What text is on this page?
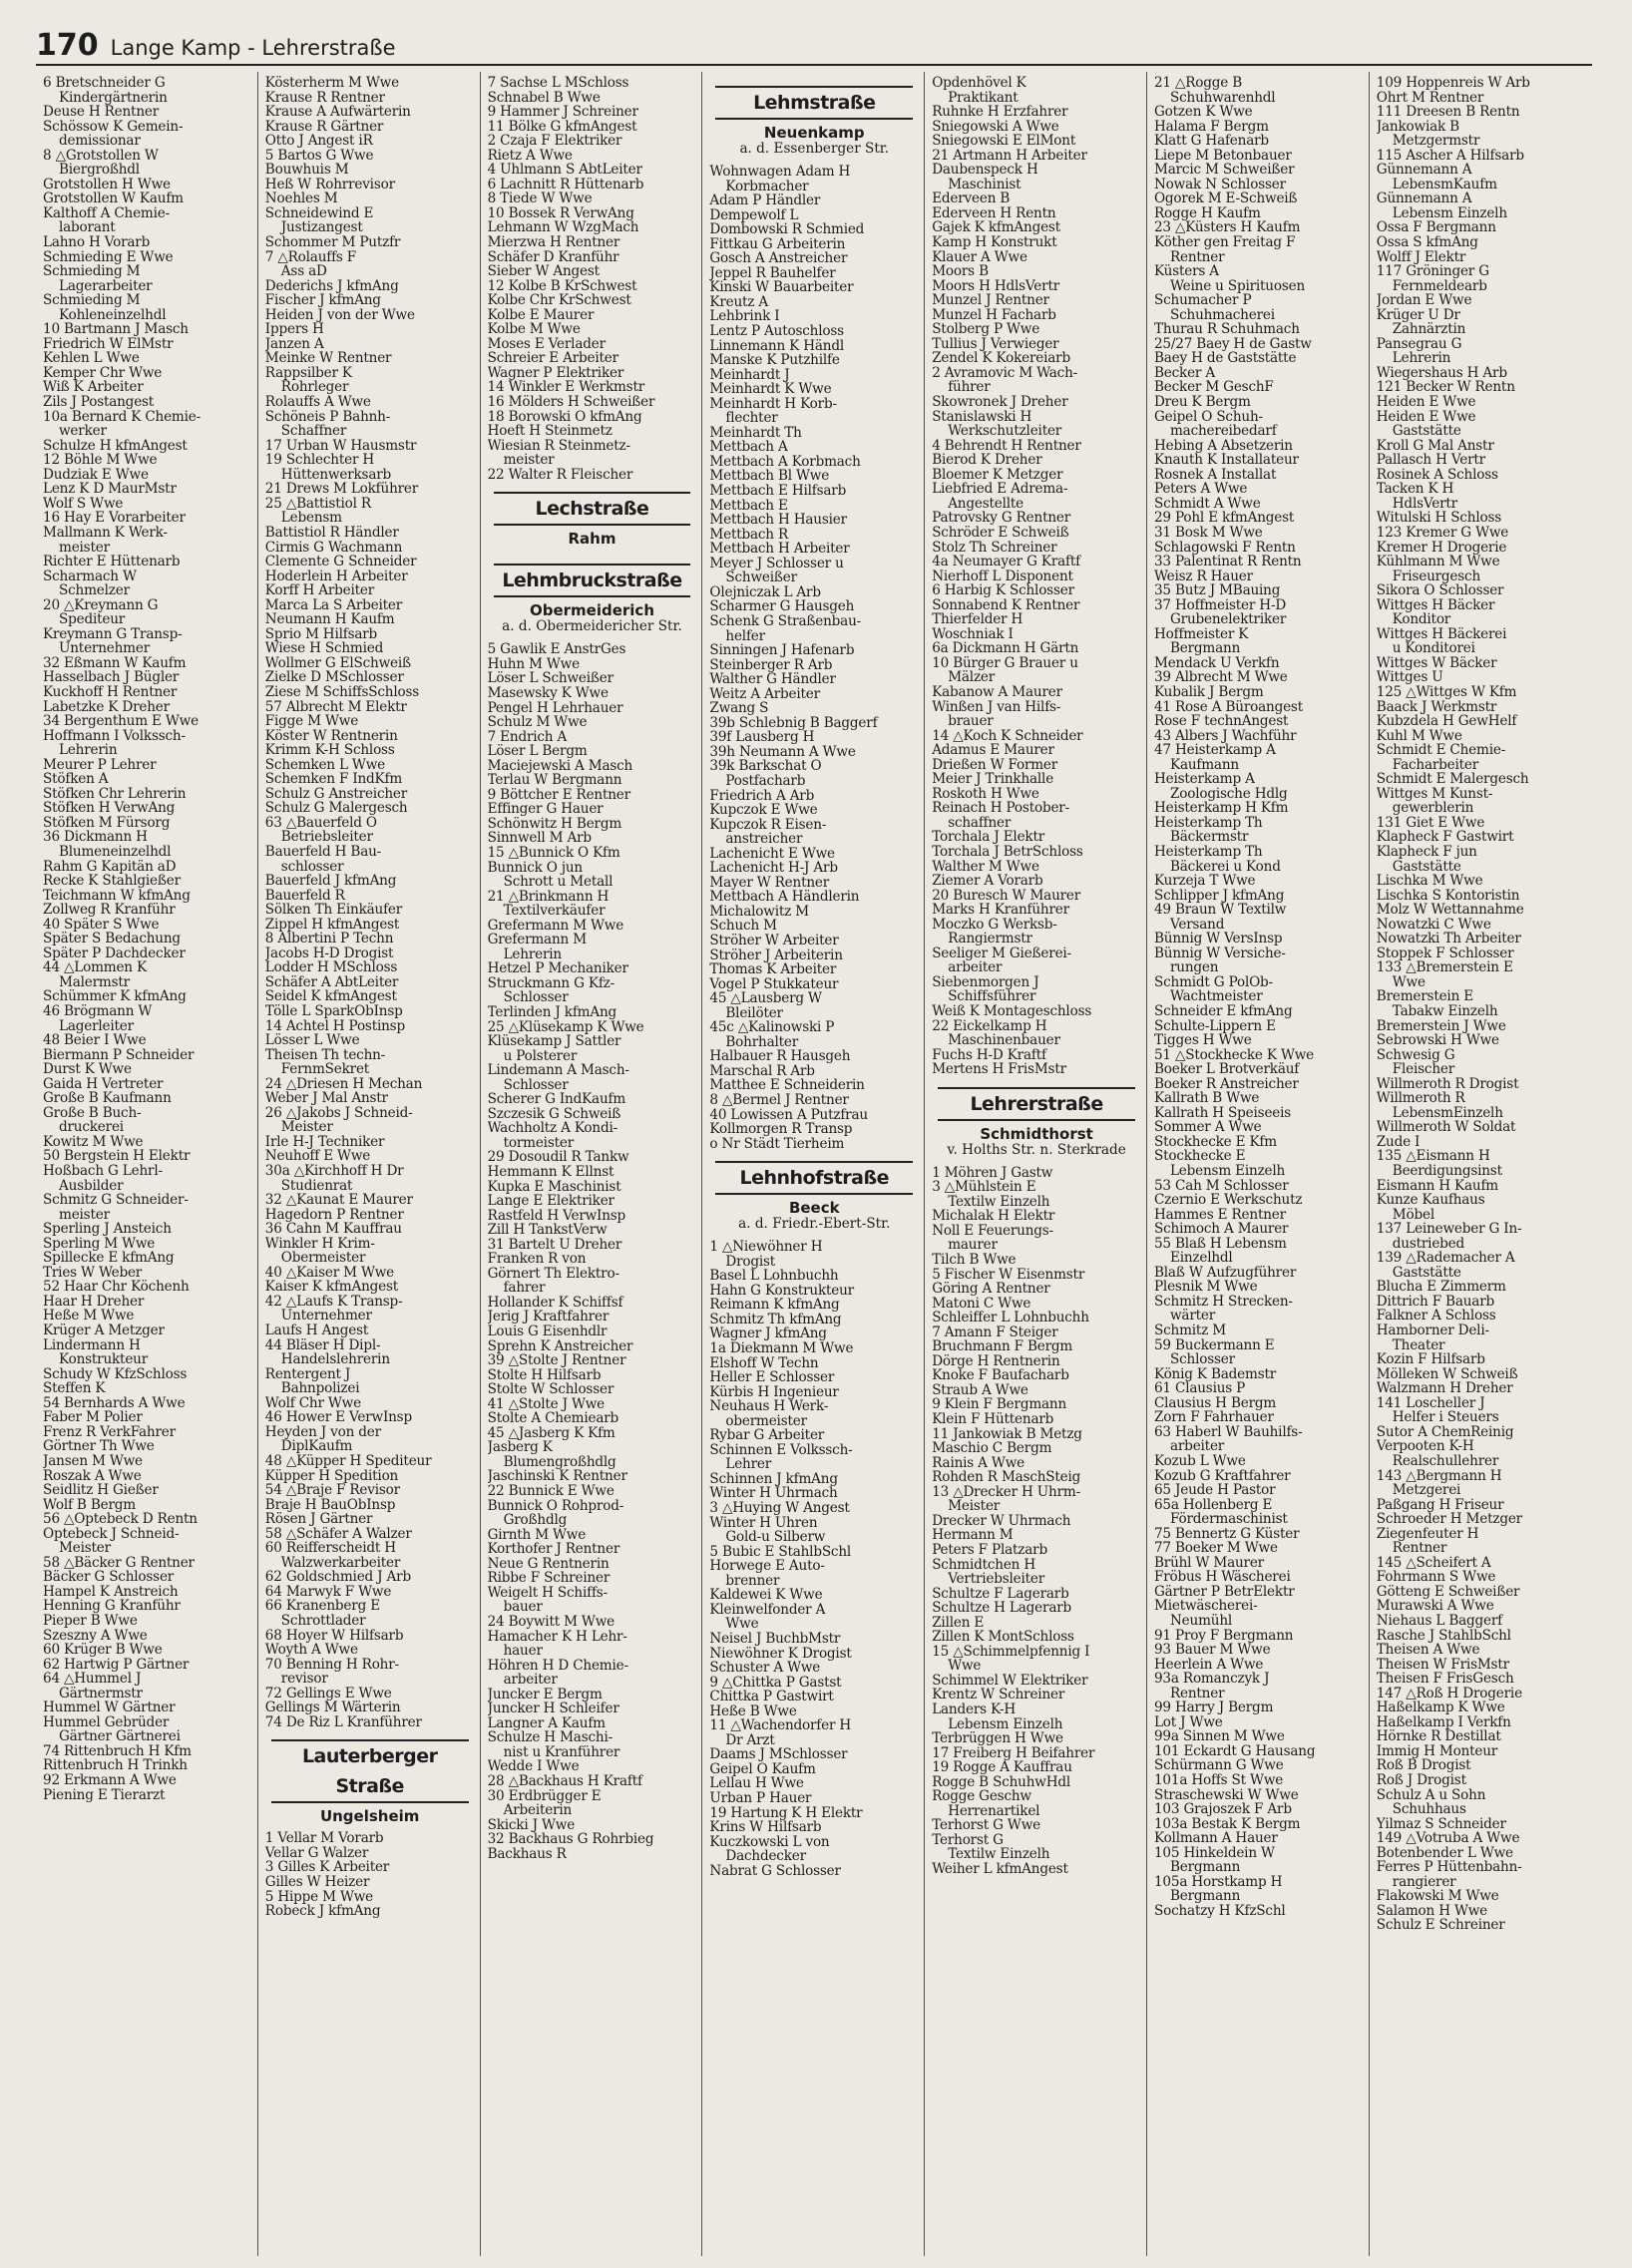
170 Lange Kamp - Lehrerstraße
6 Bretschneider G
Kindergärtnerin
Deuse H Rentner
Schössow K Gemein-
demissionar
8 △Grotstollen W
Biergroßhdl
Grotstollen H Wwe
Grotstollen W Kaufm
Kalthoff A Chemie-
laborant
Lahno H Vorarb
Schmieding E Wwe
Schmieding M
Lagerarbeiter
Schmieding M
Kohleneinzelhdl
10 Bartmann J Masch
Friedrich W ElMstr
Kehlen L Wwe
Kemper Chr Wwe
Wiß K Arbeiter
Zils J Postangest
10a Bernard K Chemie-
werker
Schulze H kfmAngest
12 Böhle M Wwe
Dudziak E Wwe
Lenz K D MaurMstr
Wolf S Wwe
16 Hay E Vorarbeiter
Mallmann K Werk-
meister
Richter E Hüttenarb
Scharmach W
Schmelzer
20 △Kreymann G
Spediteur
Kreymann G Transp-
Unternehmer
32 Eßmann W Kaufm
Hasselbach J Bügler
Kuckhoff H Rentner
Labetzke K Dreher
34 Bergenthum E Wwe
Hoffmann I Volkssch-
Lehrerin
Meurer P Lehrer
Stöfken A
Stöfken Chr Lehrerin
Stöfken H VerwAng
Stöfken M Fürsorg
36 Dickmann H
Blumeneinzelhdl
Rahm G Kapitän aD
Recke K Stahlgießer
Teichmann W kfmAng
Zollweg R Kranführ
40 Später S Wwe
Später S Bedachung
Später P Dachdecker
44 △Lommen K
Malermstr
Schümmer K kfmAng
46 Brögmann W
Lagerleiter
48 Beier I Wwe
Biermann P Schneider
Durst K Wwe
Gaida H Vertreter
Große B Kaufmann
Große B Buch-
druckerei
Kowitz M Wwe
50 Bergstein H Elektr
Hoßbach G Lehrl-
Ausbilder
Schmitz G Schneider-
meister
Sperling J Ansteich
Sperling M Wwe
Spillecke E kfmAng
Tries W Weber
52 Haar Chr Köchenh
Haar H Dreher
Heße M Wwe
Krüger A Metzger
Lindermann H
Konstrukteur
Schudy W KfzSchloss
Steffen K
54 Bernhards A Wwe
Faber M Polier
Frenz R VerkFahrer
Görtner Th Wwe
Jansen M Wwe
Roszak A Wwe
Seidlitz H Gießer
Wolf B Bergm
56 △Optebeck D Rentn
Optebeck J Schneid-
Meister
58 △Bäcker G Rentner
Bäcker G Schlosser
Hampel K Anstreich
Henning G Kranführ
Pieper B Wwe
Szeszny A Wwe
60 Krüger B Wwe
62 Hartwig P Gärtner
64 △Hummel J
Gärtnermstr
Hummel W Gärtner
Hummel Gebrüder
Gärtner Gärtnerei
74 Rittenbruch H Kfm
Rittenbruch H Trinkh
92 Erkmann A Wwe
Piening E Tierarzt
Kösterherm M Wwe
Krause R Rentner
Krause A Aufwärterin
Krause R Gärtner
Otto J Angest iR
5 Bartos G Wwe
Bouwhuis M
Heß W Rohrrevisor
Noehles M
Schneidewind E
Justizangest
Schommer M Putzfr
7 △Rolauffs F
Ass aD
Dederichs J kfmAng
Fischer J kfmAng
Heiden J von der Wwe
Ippers H
Janzen A
Meinke W Rentner
Rappsilber K
Rohrleger
Rolauffs A Wwe
Schöneis P Bahnh-
Schaffner
17 Urban W Hausmstr
19 Schlechter H
Hüttenwerksarb
21 Drews M Lokführer
25 △Battistiol R
Lebensm
Battistiol R Händler
Cirmis G Wachmann
Clemente G Schneider
Hoderlein H Arbeiter
Korff H Arbeiter
Marca La S Arbeiter
Neumann H Kaufm
Sprio M Hilfsarb
Wiese H Schmied
Wollmer G ElSchweiß
Zielke D MSchlosser
Ziese M SchiffsSchloss
57 Albrecht M Elektr
Figge M Wwe
Köster W Rentnerin
Krimm K-H Schloss
Schemken L Wwe
Schemken F IndKfm
Schulz G Anstreicher
Schulz G Malergesch
63 △Bauerfeld O
Betriebsleiter
Bauerfeld H Bau-
schlosser
Bauerfeld J kfmAng
Bauerfeld R
Sölken Th Einkäufer
Zippel H kfmAngest
8 Albertini P Techn
Jacobs H-D Drogist
Lodder H MSchloss
Schäfer A AbtLeiter
Seidel K kfmAngest
Tölle L SparkObInsp
14 Achtel H Postinsp
Lösser L Wwe
Theisen Th techn-
FernmSekret
24 △Driesen H Mechan
Weber J Mal Anstr
26 △Jakobs J Schneid-
Meister
Irle H-J Techniker
Neuhoff E Wwe
30a △Kirchhoff H Dr
Studienrat
32 △Kaunat E Maurer
Hagedorn P Rentner
36 Cahn M Kauffrau
Winkler H Krim-
Obermeister
40 △Kaiser M Wwe
Kaiser K kfmAngest
42 △Laufs K Transp-
Unternehmer
Laufs H Angest
44 Bläser H Dipl-
Handelslehrerin
Rentergent J
Bahnpolizei
Wolf Chr Wwe
46 Hower E VerwInsp
Heyden J von der
DiplKaufm
48 △Küpper H Spediteur
Küpper H Spedition
54 △Braje F Revisor
Braje H BauObInsp
Rösen J Gärtner
58 △Schäfer A Walzer
60 Reifferscheidt H
Walzwerkarbeiter
62 Goldschmied J Arb
64 Marwyk F Wwe
66 Kranenberg E
Schrottlader
68 Hoyer W Hilfsarb
Woyth A Wwe
70 Benning H Rohr-
revisor
72 Gellings E Wwe
Gellings M Wärterin
74 De Riz L Kranführer
Lauterberger Straße
Ungelsheim
1 Vellar M Vorarb
Vellar G Walzer
3 Gilles K Arbeiter
Gilles W Heizer
5 Hippe M Wwe
Robeck J kfmAng
7 Sachse L MSchloss
Schnabel B Wwe
9 Hammer J Schreiner
11 Bölke G kfmAngest
2 Czaja F Elektriker
Rietz A Wwe
4 Uhlmann S AbtLeiter
6 Lachnitt R Hüttenarb
8 Tiede W Wwe
10 Bossek R VerwAng
Lehmann W WzgMach
Mierzwa H Rentner
Schäfer D Kranführ
Sieber W Angest
12 Kolbe B KrSchwest
Kolbe Chr KrSchwest
Kolbe E Maurer
Kolbe M Wwe
Moses E Verlader
Schreier E Arbeiter
Wagner P Elektriker
14 Winkler E Werkmstr
16 Mölders H Schweißer
18 Borowski O kfmAng
Hoeft H Steinmetz
Wiesian R Steinmetz-
meister
22 Walter R Fleischer
Lechstraße
Rahm
Lehmbruckstraße
Obermeiderich
a. d. Obermeidericher Str.
5 Gawlik E AnstrGes
Huhn M Wwe
Löser L Schweißer
Masewsky K Wwe
Pengel H Lehrhauer
Schulz M Wwe
7 Endrich A
Löser L Bergm
Maciejewski A Masch
Terlau W Bergmann
9 Böttcher E Rentner
Effinger G Hauer
Schönwitz H Bergm
Sinnwell M Arb
15 △Bunnick O Kfm
Bunnick O jun
Schrott u Metall
21 △Brinkmann H
Textilverkäufer
Grefermann M Wwe
Grefermann M
Lehrerin
Hetzel P Mechaniker
Struckmann G Kfz-
Schlosser
Terlinden J kfmAng
25 △Klüsekamp K Wwe
Klüsekamp J Sattler
u Polsterer
Lindemann A Masch-
Schlosser
Scherer G IndKaufm
Szczesik G Schweiß
Wachholtz A Kondi-
tormeister
29 Dosoudil R Tankw
Hemmann K Ellnst
Kupka E Maschinist
Lange E Elektriker
Rastfeld H VerwInsp
Zill H TankstVerw
31 Bartelt U Dreher
Franken R von
Görnert Th Elektro-
fahrer
Hollander K Schiffsf
Jerig J Kraftfahrer
Louis G Eisenhdlr
Sprehn K Anstreicher
39 △Stolte J Rentner
Stolte H Hilfsarb
Stolte W Schlosser
41 △Stolte J Wwe
Stolte A Chemiearb
45 △Jasberg K Kfm
Jasberg K
Blumengroßhdlg
Jaschinski K Rentner
22 Bunnick E Wwe
Bunnick O Rohprod-
Großhdlg
Girnth M Wwe
Korthofer J Rentner
Neue G Rentnerin
Ribbe F Schreiner
Weigelt H Schiffs-
bauer
24 Boywitt M Wwe
Hamacher K H Lehr-
hauer
Höhren H D Chemie-
arbeiter
Juncker E Bergm
Juncker H Schleifer
Langner A Kaufm
Schulze H Maschi-
nist u Kranführer
Wedde I Wwe
28 △Backhaus H Kraftf
30 Erdbrügger E
Arbeiterin
Skicki J Wwe
32 Backhaus G Rohrbieg
Backhaus R
Lehmstraße
Neuenkamp
a. d. Essenberger Str.
Wohnwagen Adam H
Korbmacher
Adam P Händler
Dempewolf L
Dombowski R Schmied
Fittkau G Arbeiterin
Gosch A Anstreicher
Jeppel R Bauhelfer
Kinski W Bauarbeiter
Kreutz A
Lehbrink I
Lentz P Autoschloss
Linnemann K Händl
Manske K Putzhilfe
Meinhardt J
Meinhardt K Wwe
Meinhardt H Korb-
flechter
Meinhardt Th
Mettbach A
Mettbach A Korbmach
Mettbach Bl Wwe
Mettbach E Hilfsarb
Mettbach E
Mettbach H Hausier
Mettbach R
Mettbach H Arbeiter
Meyer J Schlosser u
Schweißer
Olejniczak L Arb
Scharmer G Hausgeh
Schenk G Straßenbau-
helfer
Sinningen J Hafenarb
Steinberger R Arb
Walther G Händler
Weitz A Arbeiter
Zwang S
39b Schlebnig B Baggerf
39f Lausberg H
39h Neumann A Wwe
39k Barkschat O
Postfacharb
Friedrich A Arb
Kupczok E Wwe
Kupczok R Eisen-
anstreicher
Lachenicht E Wwe
Lachenicht H-J Arb
Mayer W Rentner
Mettbach A Händlerin
Michalowitz M
Schuch M
Ströher W Arbeiter
Ströher J Arbeiterin
Thomas K Arbeiter
Vogel P Stukkateur
45 △Lausberg W
Bleilöter
45c △Kalinowski P
Bohrhalter
Halbauer R Hausgeh
Marschal R Arb
Matthee E Schneiderin
8 △Bermel J Rentner
40 Lowissen A Putzfrau
Kollmorgen R Transp
o Nr Städt Tierheim
Lehnhofstraße
Beeck
a. d. Friedr.-Ebert-Str.
1 △Niewöhner H
Drogist
Basel L Lohnbuchh
Hahn G Konstrukteur
Reimann K kfmAng
Schmitz Th kfmAng
Wagner J kfmAng
1a Diekmann M Wwe
Elshoff W Techn
Heller E Schlosser
Kürbis H Ingenieur
Neuhaus H Werk-
obermeister
Rybar G Arbeiter
Schinnen E Volkssch-
Lehrer
Schinnen J kfmAng
Winter H Uhrmach
3 △Huying W Angest
Winter H Uhren
Gold-u Silberw
5 Bubic E StahlbSchl
Horwege E Auto-
brenner
Kaldewei K Wwe
Kleinwelfonder A
Wwe
Neisel J BuchbMstr
Niewöhner K Drogist
Schuster A Wwe
9 △Chittka P Gastst
Chittka P Gastwirt
Heße B Wwe
11 △Wachendorfer H
Dr Arzt
Daams J MSchlosser
Geipel O Kaufm
Lellau H Wwe
Urban P Hauer
19 Hartung K H Elektr
Krins W Hilfsarb
Kuczkowski L von
Dachdecker
Nabrat G Schlosser
Opdenhövel K
Praktikant
Ruhnke H Erzfahrer
Sniegowski A Wwe
Sniegowski E ElMont
21 Artmann H Arbeiter
Daubenspeck H
Maschinist
Ederveen B
Ederveen H Rentn
Gajek K kfmAngest
Kamp H Konstrukt
Klauer A Wwe
Moors B
Moors H HdlsVertr
Munzel J Rentner
Munzel H Facharb
Stolberg P Wwe
Tullius J Verwieger
Zendel K Kokereiarb
2 Avramovic M Wach-
führer
Skowronek J Dreher
Stanislawski H
Werkschutzleiter
4 Behrendt H Rentner
Bierod K Dreher
Bloemer K Metzger
Liebfried E Adrema-
Angestellte
Patrovsky G Rentner
Schröder E Schweiß
Stolz Th Schreiner
4a Neumayer G Kraftf
Nierhoff L Disponent
6 Harbig K Schlosser
Sonnabend K Rentner
Thierfelder H
Woschniak I
6a Dickmann H Gärtn
10 Bürger G Brauer u
Mälzer
Kabanow A Maurer
Winßen J van Hilfs-
brauer
14 △Koch K Schneider
Adamus E Maurer
Drießen W Former
Meier J Trinkhalle
Roskoth H Wwe
Reinach H Postober-
schaffner
Torchala J Elektr
Torchala J BetrSchloss
Walther M Wwe
Ziemer A Vorarb
20 Buresch W Maurer
Marks H Kranführer
Moczko G Werksb-
Rangiermstr
Seeliger M Gießerei-
arbeiter
Siebenmorgen J
Schiffsführer
Weiß K Montageschloss
22 Eickelkamp H
Maschinenbauer
Fuchs H-D Kraftf
Mertens H FrisMstr
Lehrerstraße
Schmidthorst
v. Holths Str. n. Sterkrade
1 Möhren J Gastw
3 △Mühlstein E
Textilw Einzelh
Michalak H Elektr
Noll E Feuerungs-
maurer
Tilch B Wwe
5 Fischer W Eisenmstr
Göring A Rentner
Matoni C Wwe
Schleiffer L Lohnbuchh
7 Amann F Steiger
Bruchmann F Bergm
Dörge H Rentnerin
Knoke F Baufacharb
Straub A Wwe
9 Klein F Bergmann
Klein F Hüttenarb
11 Jankowiak B Metzg
Maschio C Bergm
Rainis A Wwe
Rohden R MaschSteig
13 △Drecker H Uhrm-
Meister
Drecker W Uhrmach
Hermann M
Peters F Platzarb
Schmidtchen H
Vertriebsleiter
Schultze F Lagerarb
Schultze H Lagerarb
Zillen E
Zillen K MontSchloss
15 △Schimmelpfennig I
Wwe
Schimmel W Elektriker
Krentz W Schreiner
Landers K-H
Lebensm Einzelh
Terbrüggen H Wwe
17 Freiberg H Beifahrer
19 Rogge A Kauffrau
Rogge B SchuhwHdl
Rogge Geschw
Herrenartikel
Terhorst G Wwe
Terhorst G
Textilw Einzelh
Weiher L kfmAngest
21 △Rogge B
Schuhwarenhdl
Gotzen K Wwe
Halama F Bergm
Klatt G Hafenarb
Liepe M Betonbauer
Marcic M Schweißer
Nowak N Schlosser
Ogorek M E-Schweiß
Rogge H Kaufm
23 △Küsters H Kaufm
Köther gen Freitag F
Rentner
Küsters A
Weine u Spirituosen
Schumacher P
Schuhmacherei
Thurau R Schuhmach
25/27 Baey H de Gastw
Baey H de Gaststätte
Becker A
Becker M GeschF
Dreu K Bergm
Geipel O Schuh-
machereibedarf
Hebing A Absetzerin
Knauth K Installateur
Rosnek A Installat
Peters A Wwe
Schmidt A Wwe
29 Pohl E kfmAngest
31 Bosk M Wwe
Schlagowski F Rentn
33 Palentinat R Rentn
Weisz R Hauer
35 Butz J MBauing
37 Hoffmeister H-D
Grubenelektriker
Hoffmeister K
Bergmann
Mendack U Verkfn
39 Albrecht M Wwe
Kubalik J Bergm
41 Rose A Büroangest
Rose F technAngest
43 Albers J Wachführ
47 Heisterkamp A
Kaufmann
Heisterkamp A
Zoologische Hdlg
Heisterkamp H Kfm
Heisterkamp Th
Bäckermstr
Heisterkamp Th
Bäckerei u Kond
Kurzeja T Wwe
Schlipper J kfmAng
49 Braun W Textilw
Versand
Bünnig W VersInsp
Bünnig W Versiche-
rungen
Schmidt G PolOb-
Wachtmeister
Schneider E kfmAng
Schulte-Lippern E
Tigges H Wwe
51 △Stockhecke K Wwe
Boeker L Brotverkäuf
Boeker R Anstreicher
Kallrath B Wwe
Kallrath H Speiseeis
Sommer A Wwe
Stockhecke E Kfm
Stockhecke E
Lebensm Einzelh
53 Cah M Schlosser
Czernio E Werkschutz
Hammes E Rentner
Schimoch A Maurer
55 Blaß H Lebensm
Einzelhdl
Blaß W Aufzugführer
Plesnik M Wwe
Schmitz H Strecken-
wärter
Schmitz M
59 Buckermann E
Schlosser
König K Bademstr
61 Clausius P
Clausius H Bergm
Zorn F Fahrhauer
63 Haberl W Bauhilfs-
arbeiter
Kozub L Wwe
Kozub G Kraftfahrer
65 Jeude H Pastor
65a Hollenberg E
Fördermaschinist
75 Bennertz G Küster
77 Boeker M Wwe
Brühl W Maurer
Fröbus H Wäscherei
Gärtner P BetrElektr
Mietwäscherei-
Neumühl
91 Proy F Bergmann
93 Bauer M Wwe
Heerlein A Wwe
93a Romanczyk J
Rentner
99 Harry J Bergm
Lot J Wwe
99a Sinnen M Wwe
101 Eckardt G Hausang
Schürmann G Wwe
101a Hoffs St Wwe
Straschewski W Wwe
103 Grajoszek F Arb
103a Bestak K Bergm
Kollmann A Hauer
105 Hinkeldein W
Bergmann
105a Horstkamp H
Bergmann
Sochatzy H KfzSchl
109 Hoppenreis W Arb
Ohrt M Rentner
111 Dreesen B Rentn
Jankowiak B
Metzgermstr
115 Ascher A Hilfsarb
Günnemann A
LebensmKaufm
Günnemann A
Lebensm Einzelh
Ossa F Bergmann
Ossa S kfmAng
Wolff J Elektr
117 Gröninger G
Fernmeldearb
Jordan E Wwe
Krüger U Dr
Zahnärztin
Pansegrau G
Lehrerin
Wiegershaus H Arb
121 Becker W Rentn
Heiden E Wwe
Heiden E Wwe
Gaststätte
Kroll G Mal Anstr
Pallasch H Vertr
Rosinek A Schloss
Tacken K H
HdlsVertr
Witulski H Schloss
123 Kremer G Wwe
Kremer H Drogerie
Kühlmann M Wwe
Friseurgesch
Sikora O Schlosser
Wittges H Bäcker
Konditor
Wittges H Bäckerei
u Konditorei
Wittges W Bäcker
Wittges U
125 △Wittges W Kfm
Baack J Werkmstr
Kubzdela H GewHelf
Kuhl M Wwe
Schmidt E Chemie-
Facharbeiter
Schmidt E Malergesch
Wittges M Kunst-
gewerblerin
131 Giet E Wwe
Klapheck F Gastwirt
Klapheck F jun
Gaststätte
Lischka M Wwe
Lischka S Kontoristin
Molz W Wettannahme
Nowatzki C Wwe
Nowatzki Th Arbeiter
Stoppek F Schlosser
133 △Bremerstein E
Wwe
Bremerstein E
Tabakw Einzelh
Bremerstein J Wwe
Sebrowski H Wwe
Schwesig G
Fleischer
Willmeroth R Drogist
Willmeroth R
LebensmEinzelh
Willmeroth W Soldat
Zude I
135 △Eismann H
Beerdigungsinst
Eismann H Kaufm
Kunze Kaufhaus
Möbel
137 Leineweber G In-
dustriebed
139 △Rademacher A
Gaststätte
Blucha E Zimmerm
Dittrich F Bauarb
Falkner A Schloss
Hamborner Deli-
Theater
Kozin F Hilfsarb
Mölleken W Schweiß
Walzmann H Dreher
141 Loscheller J
Helfer i Steuers
Sutor A ChemReinig
Verpooten K-H
Realschullehrer
143 △Bergmann H
Metzgerei
Paßgang H Friseur
Schroeder H Metzger
Ziegenfeuter H
Rentner
145 △Scheifert A
Fohrmann S Wwe
Götteng E Schweißer
Murawski A Wwe
Niehaus L Baggerf
Rasche J StahlbSchl
Theisen A Wwe
Theisen W FrisMstr
Theisen F FrisGesch
147 △Roß H Drogerie
Haßelkamp K Wwe
Haßelkamp I Verkfn
Hörnke R Destillat
Immig H Monteur
Roß B Drogist
Roß J Drogist
Schulz A u Sohn
Schuhhaus
Yilmaz S Schneider
149 △Votruba A Wwe
Botenbender L Wwe
Ferres P Hüttenbahn-
rangierer
Flakowski M Wwe
Salamon H Wwe
Schulz E Schreiner
